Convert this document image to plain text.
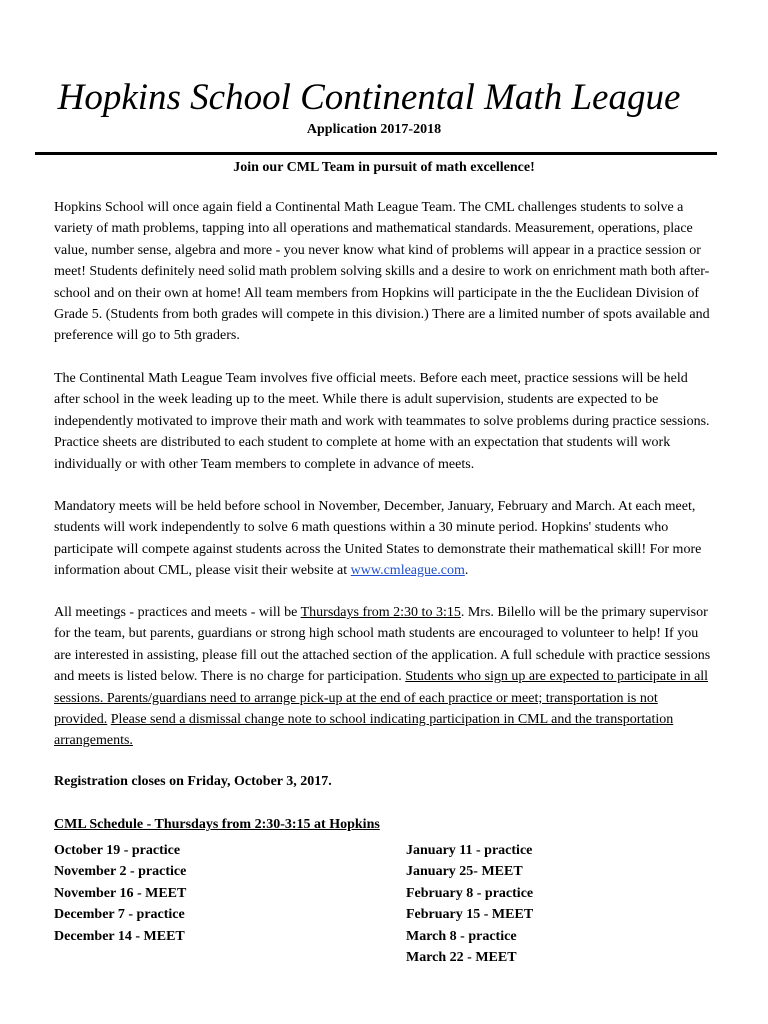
Hopkins School Continental Math League
Application 2017-2018
Join our CML Team in pursuit of math excellence!

Hopkins School will once again field a Continental Math League Team. The CML challenges students to solve a variety of math problems, tapping into all operations and mathematical standards. Measurement, operations, place value, number sense, algebra and more - you never know what kind of problems will appear in a practice session or meet! Students definitely need solid math problem solving skills and a desire to work on enrichment math both after-school and on their own at home! All team members from Hopkins will participate in the the Euclidean Division of Grade 5. (Students from both grades will compete in this division.) There are a limited number of spots available and preference will go to 5th graders.

The Continental Math League Team involves five official meets. Before each meet, practice sessions will be held after school in the week leading up to the meet. While there is adult supervision, students are expected to be independently motivated to improve their math and work with teammates to solve problems during practice sessions. Practice sheets are distributed to each student to complete at home with an expectation that students will work individually or with other Team members to complete in advance of meets.

Mandatory meets will be held before school in November, December, January, February and March. At each meet, students will work independently to solve 6 math questions within a 30 minute period. Hopkins' students who participate will compete against students across the United States to demonstrate their mathematical skill! For more information about CML, please visit their website at www.cmleague.com.

All meetings - practices and meets - will be Thursdays from 2:30 to 3:15. Mrs. Bilello will be the primary supervisor for the team, but parents, guardians or strong high school math students are encouraged to volunteer to help! If you are interested in assisting, please fill out the attached section of the application. A full schedule with practice sessions and meets is listed below. There is no charge for participation. Students who sign up are expected to participate in all sessions. Parents/guardians need to arrange pick-up at the end of each practice or meet; transportation is not provided. Please send a dismissal change note to school indicating participation in CML and the transportation arrangements.

Registration closes on Friday, October 3, 2017.
CML Schedule - Thursdays from 2:30-3:15 at Hopkins
October 19 - practice
November 2 - practice
November 16 - MEET
December 7 - practice
December 14 - MEET
January 11 - practice
January 25- MEET
February 8 - practice
February 15 - MEET
March 8 - practice
March 22 - MEET
